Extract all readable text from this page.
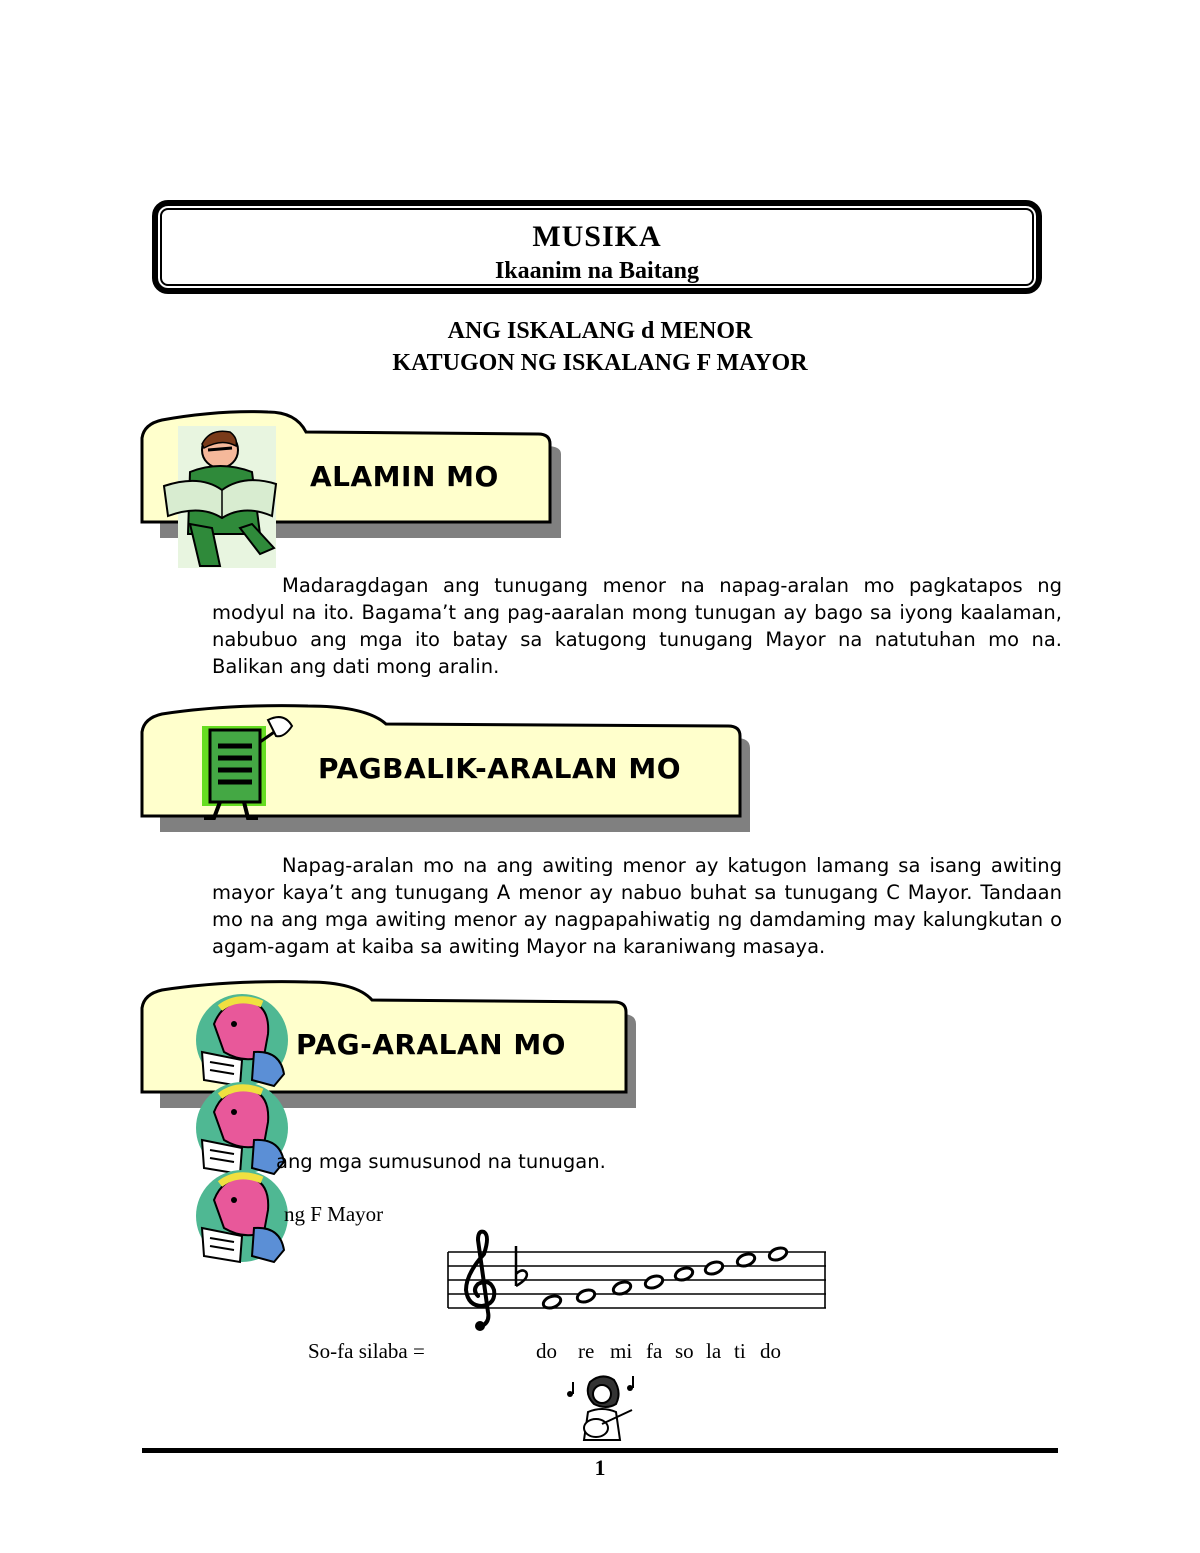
MUSIKA
Ikaanim na Baitang
ANG ISKALANG d MENOR
KATUGON NG ISKALANG F MAYOR
ALAMIN MO

Madaragdagan ang tunugang menor na napag-aralan mo pagkatapos ng modyul na ito. Bagama’t ang pag-aaralan mong tunugan ay bago sa iyong kaalaman, nabubuo ang mga ito batay sa katugong tunugang Mayor na natutuhan mo na. Balikan ang dati mong aralin.

PAGBALIK-ARALAN MO

Napag-aralan mo na ang awiting menor ay katugon lamang sa isang awiting mayor kaya’t ang tunugang A menor ay nabuo buhat sa tunugang C Mayor. Tandaan mo na ang mga awiting menor ay nagpapahiwatig ng damdaming may kalungkutan o agam-agam at kaiba sa awiting Mayor na karaniwang masaya.

PAG-ARALAN MO
ang mga sumusunod na tunugan.
ng F Mayor
So-fa silaba =	do re mi fa so la ti do
1
